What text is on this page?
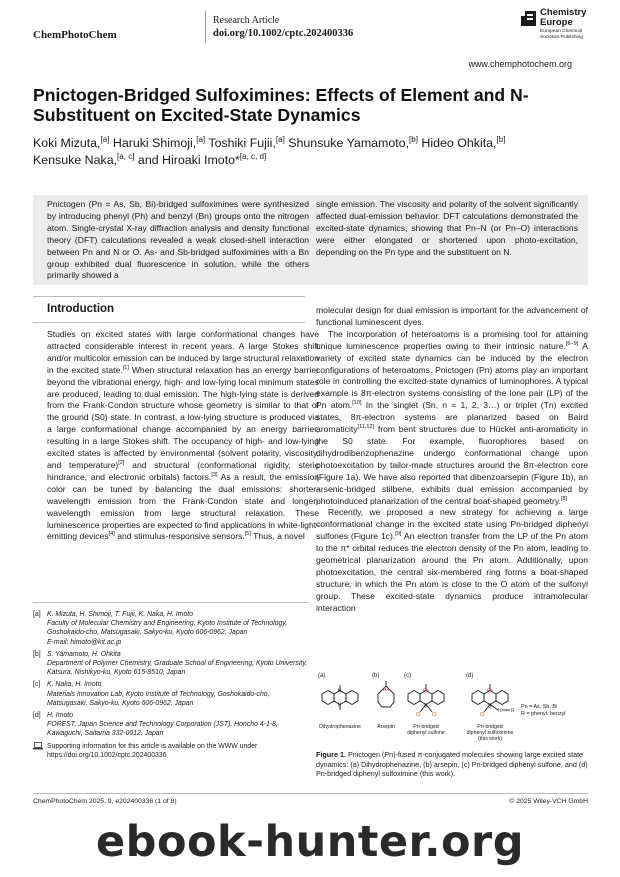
ChemPhotoChem
Research Article
doi.org/10.1002/cptc.202400336
Chemistry
Europe
European Chemical
Societies Publishing
www.chemphotochem.org
Pnictogen-Bridged Sulfoximines: Effects of Element and N-Substituent on Excited-State Dynamics
Koki Mizuta,[a] Haruki Shimoji,[a] Toshiki Fujii,[a] Shunsuke Yamamoto,[b] Hideo Ohkita,[b]
Kensuke Naka,[a, c] and Hiroaki Imoto*[a, c, d]

Pnictogen (Pn = As, Sb, Bi)-bridged sulfoximines were synthesized by introducing phenyl (Ph) and benzyl (Bn) groups onto the nitrogen atom. Single-crystal X-ray diffraction analysis and density functional theory (DFT) calculations revealed a weak closed-shell interaction between Pn and N or O. As- and Sb-bridged sulfoximines with a Bn group exhibited dual fluorescence in solution, while the others primarily showed a

single emission. The viscosity and polarity of the solvent significantly affected dual-emission behavior. DFT calculations demonstrated the excited-state dynamics, showing that Pn–N (or Pn–O) interactions were either elongated or shortened upon photo-excitation, depending on the Pn type and the substituent on N.

Introduction

Studies on excited states with large conformational changes have attracted considerable interest in recent years. A large Stokes shift and/or multicolor emission can be induced by large structural relaxation in the excited state.[1] When structural relaxation has an energy barrier beyond the vibrational energy, high- and low-lying local minimum states are produced, leading to dual emission. The high-lying state is derived from the Frank-Condon structure whose geometry is similar to that of the ground (S0) state. In contrast, a low-lying structure is produced via a large conformational change accompanied by an energy barrier, resulting in a large Stokes shift. The occupancy of high- and low-lying excited states is affected by environmental (solvent polarity, viscosity, and temperature)[2] and structural (conformational rigidity, steric hindrance, and electronic orbitals) factors.[3] As a result, the emission color can be tuned by balancing the dual emissions: shorter-wavelength emission from the Frank-Condon state and longer-wavelength emission from large structural relaxation. These luminescence properties are expected to find applications in white-light-emitting devices[4] and stimulus-responsive sensors.[5] Thus, a novel

molecular design for dual emission is important for the advancement of functional luminescent dyes.

The incorporation of heteroatoms is a promising tool for attaining unique luminescence properties owing to their intrinsic nature.[6–9] A variety of excited state dynamics can be induced by the electron configurations of heteroatoms. Pnictogen (Pn) atoms play an important role in controlling the excited-state dynamics of luminophores. A typical example is 8π-electron systems consisting of the lone pair (LP) of the Pn atom.[10] In the singlet (Sn, n = 1, 2, 3…) or triplet (Tn) excited states, 8π-electron systems are planarized based on Baird aromaticity[11,12] from bent structures due to Hückel anti-aromaticity in the S0 state. For example, fluorophores based on dihydrodibenzophenazine undergo conformational change upon photoexcitation by tailor-made structures around the 8π-electron core (Figure 1a). We have also reported that dibenzoarsepin (Figure 1b), an arsenic-bridged stilbene, exhibits dual emission accompanied by photoinduced planarization of the central boat-shaped geometry.[8]

Recently, we proposed a new strategy for achieving a large conformational change in the excited state using Pn-bridged diphenyl sulfones (Figure 1c).[9] An electron transfer from the LP of the Pn atom to the π* orbital reduces the electron density of the Pn atom, leading to geometrical planarization around the Pn atom. Additionally, upon photoexcitation, the central six-membered ring forms a boat-shaped structure, in which the Pn atom is close to the O atom of the sulfonyl group. These excited-state dynamics produce intramolecular interaction

[a] K. Mizuta, H. Shimoji, T. Fujii, K. Naka, H. Imoto
Faculty of Molecular Chemistry and Engineering, Kyoto Institute of Technology, Goshokaido-cho, Matsugasaki, Sakyo-ku, Kyoto 606-0962, Japan
E-mail: himoto@kit.ac.jp
[b] S. Yamamoto, H. Ohkita
Department of Polymer Chemistry, Graduate School of Engineering, Kyoto University, Katsura, Nishikyo-ku, Kyoto 615-8510, Japan
[c] K. Naka, H. Imoto
Materials Innovation Lab, Kyoto Institute of Technology, Goshokaido-cho, Matsugasaki, Sakyo-ku, Kyoto 606-0962, Japan
[d] H. Imoto
FOREST, Japan Science and Technology Corporation (JST), Honcho 4-1-8, Kawaguchi, Saitama 332-0012, Japan
Supporting information for this article is available on the WWW under https://doi.org/10.1002/cptc.202400336
(a)	(b)	(c)	(d)
N
N
As	Pn
S
O O
Pn
S
O
N R
Dihydrophenazine	Arsepin	Pn-bridged
diphenyl sulfone
Pn-bridged
diphenyl sulfoximine
(this work)
Pn = As, Sb, Bi
R = phenyl, benzyl
Figure 1. Pnictogen (Pn)-fused π-conjugated molecules showing large excited state dynamics: (a) Dihydrophenazine, (b) arsepin, (c) Pn-bridged diphenyl sulfone, and (d) Pn-bridged diphenyl sulfoximine (this work).
ChemPhotoChem 2025, 9, e202400336 (1 of 8)	© 2025 Wiley-VCH GmbH
ebook-hunter.org
